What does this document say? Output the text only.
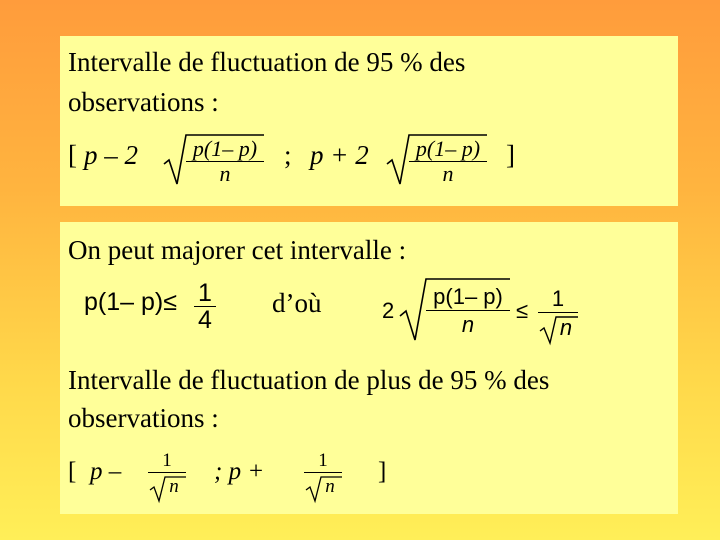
Intervalle de fluctuation de 95 % des
observations :
[ p – 2	p(1– p)
n
; p + 2	p(1– p)
n
]
On peut majorer cet intervalle :
p(1– p)≤ 1
4
d’où	2
p(1– p)
n
≤	1
n
Intervalle de fluctuation de plus de 95 % des
observations :
[ p –	1
n
; p +	1
n
]
